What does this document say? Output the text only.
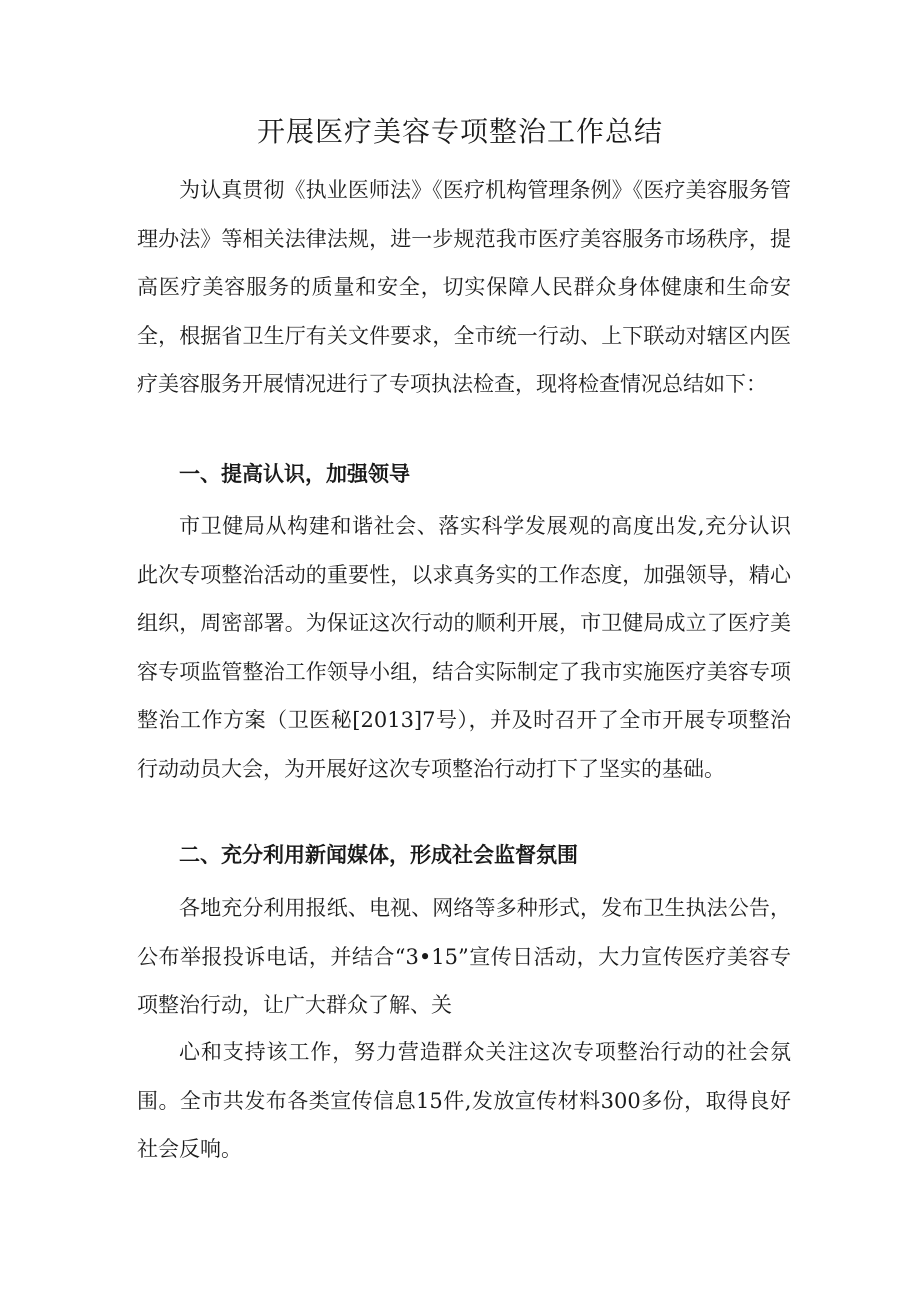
开展医疗美容专项整治工作总结

为认真贯彻《执业医师法》《医疗机构管理条例》《医疗美容服务管理办法》等相关法律法规，进一步规范我市医疗美容服务市场秩序，提高医疗美容服务的质量和安全，切实保障人民群众身体健康和生命安全，根据省卫生厅有关文件要求，全市统一行动、上下联动对辖区内医疗美容服务开展情况进行了专项执法检查，现将检查情况总结如下：

一、提高认识，加强领导

市卫健局从构建和谐社会、落实科学发展观的高度出发,充分认识此次专项整治活动的重要性，以求真务实的工作态度，加强领导，精心组织，周密部署。为保证这次行动的顺利开展，市卫健局成立了医疗美容专项监管整治工作领导小组，结合实际制定了我市实施医疗美容专项整治工作方案（卫医秘[2013]7号），并及时召开了全市开展专项整治行动动员大会，为开展好这次专项整治行动打下了坚实的基础。

二、充分利用新闻媒体，形成社会监督氛围

各地充分利用报纸、电视、网络等多种形式，发布卫生执法公告，公布举报投诉电话，并结合“3•15”宣传日活动，大力宣传医疗美容专项整治行动，让广大群众了解、关

心和支持该工作，努力营造群众关注这次专项整治行动的社会氛围。全市共发布各类宣传信息15件,发放宣传材料300多份，取得良好社会反响。
